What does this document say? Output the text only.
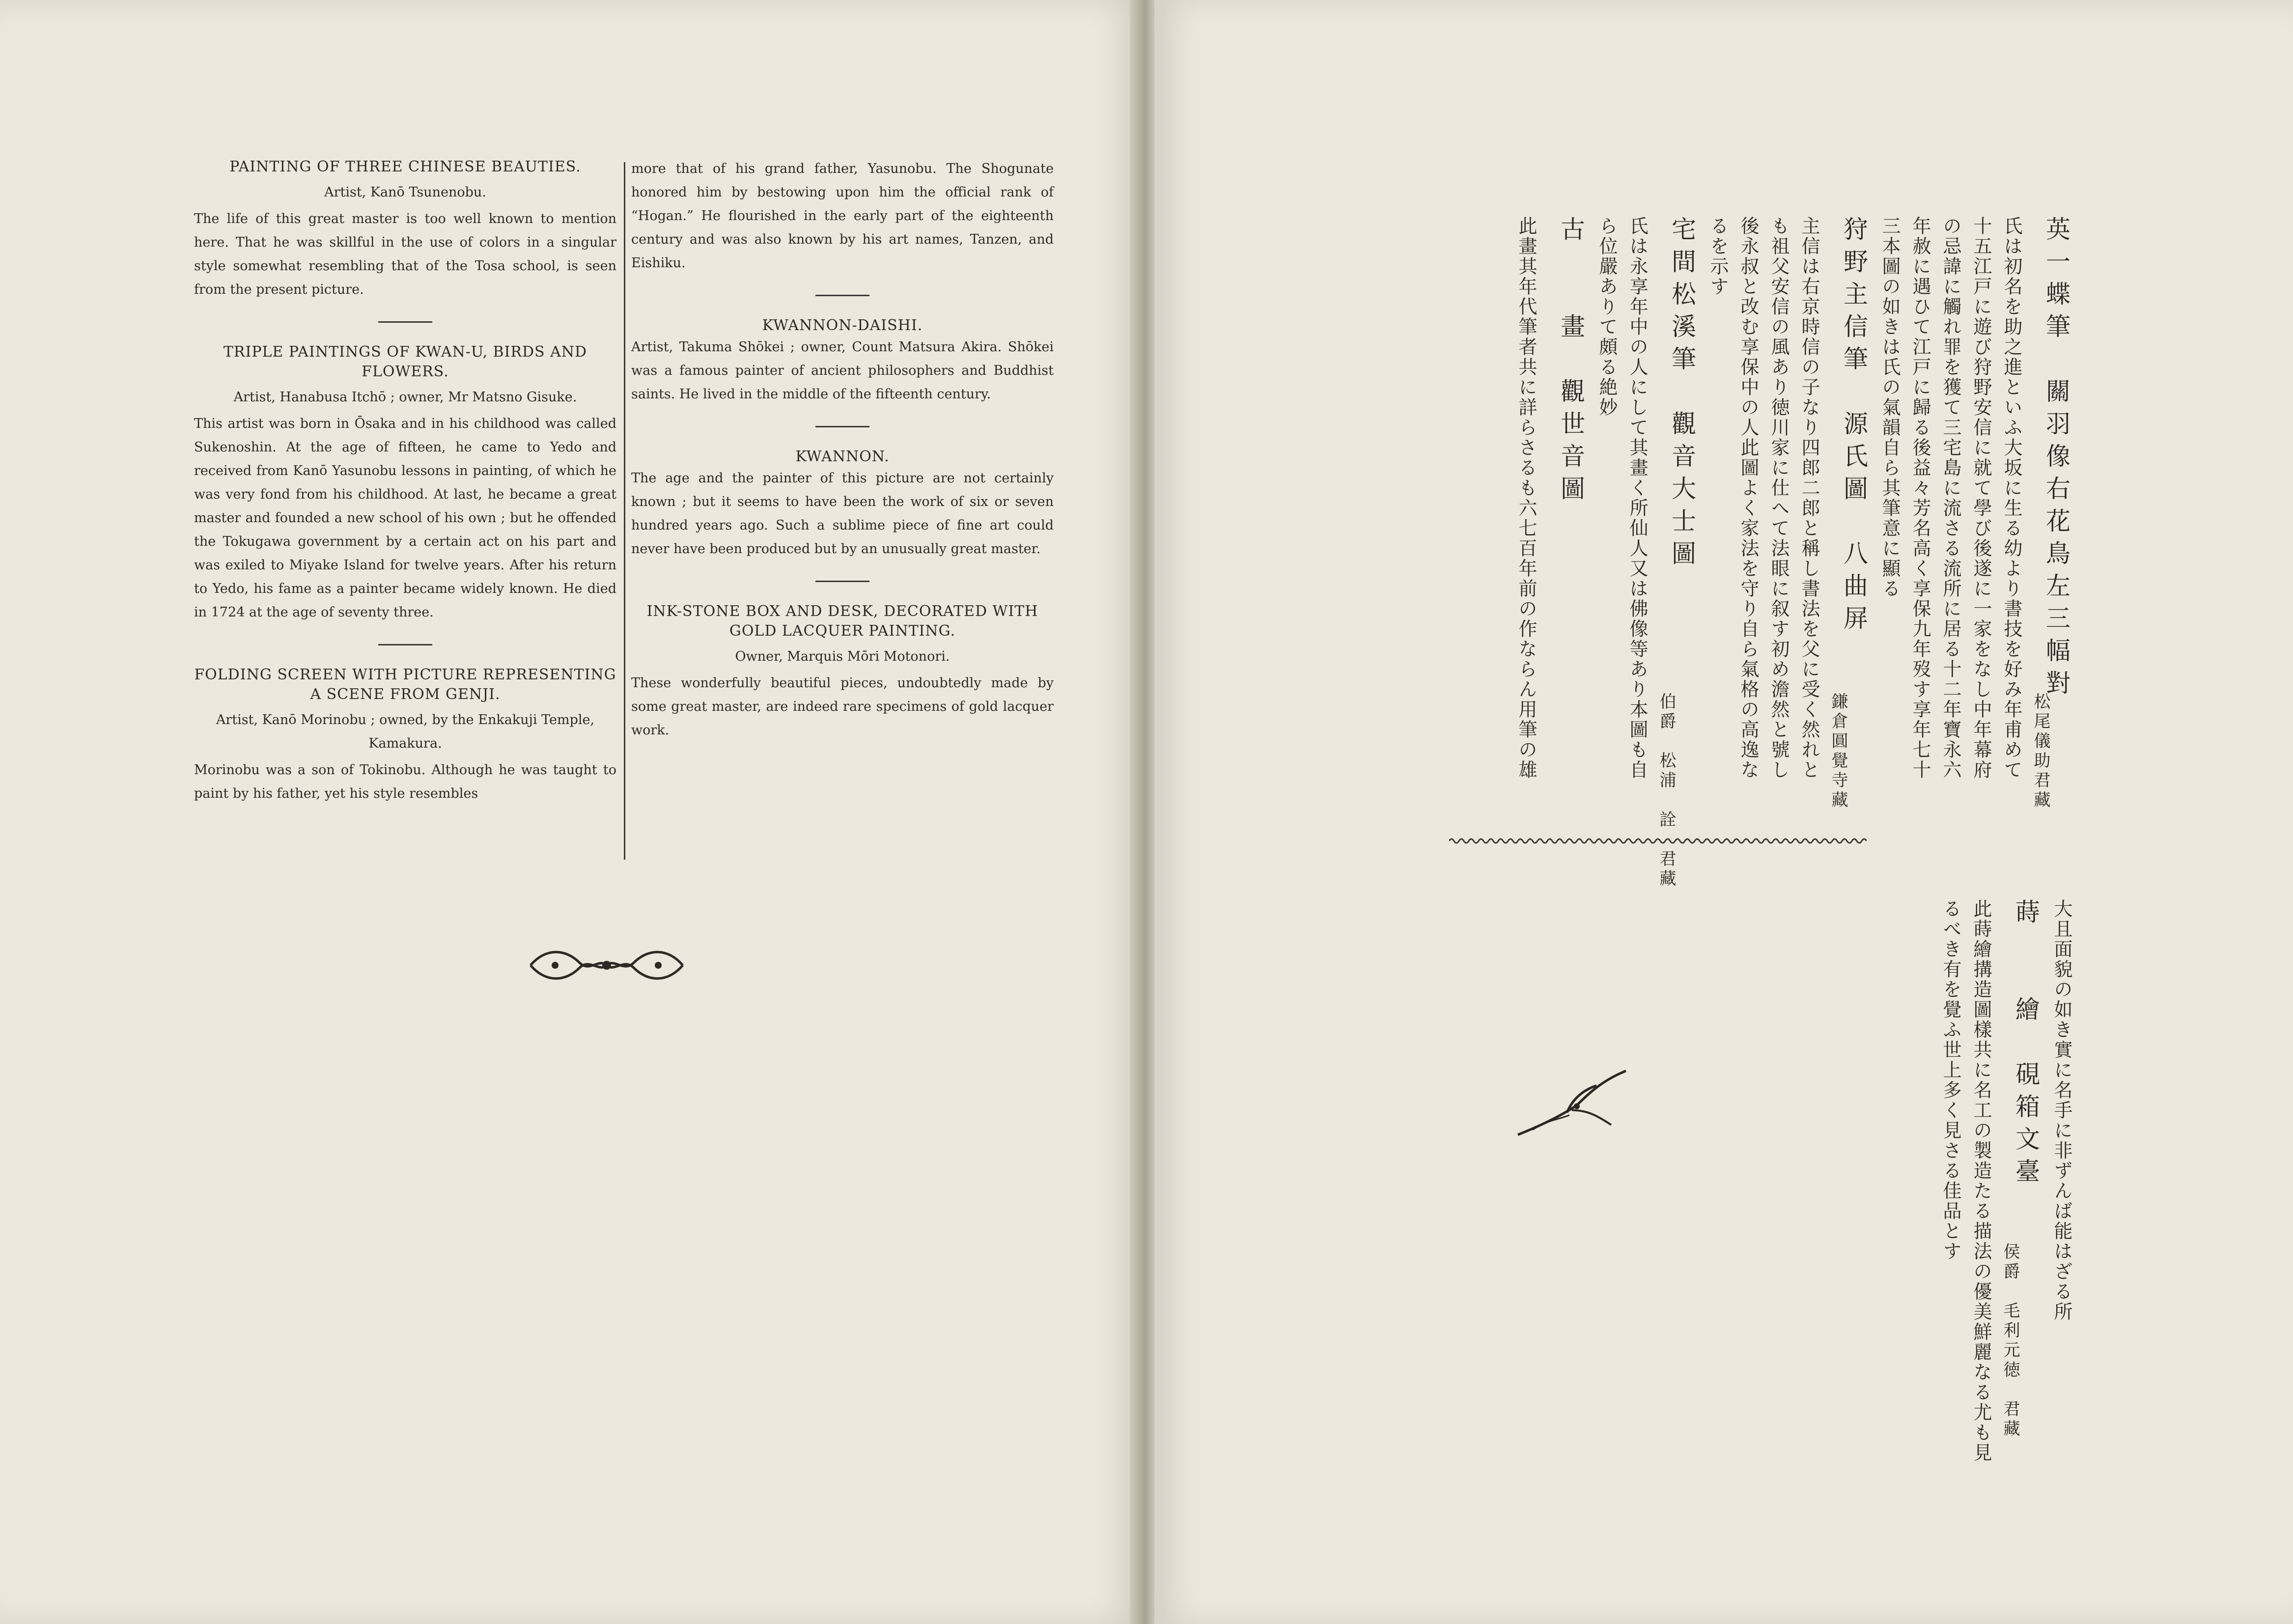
PAINTING OF THREE CHINESE BEAUTIES.

Artist, Kanō Tsunenobu.

The life of this great master is too well known to mention here. That he was skillful in the use of colors in a singular style somewhat resembling that of the Tosa school, is seen from the present picture.

TRIPLE PAINTINGS OF KWAN-U, BIRDS AND FLOWERS.

Artist, Hanabusa Itchō ; owner, Mr Matsno Gisuke.

This artist was born in Ōsaka and in his childhood was called Sukenoshin. At the age of fifteen, he came to Yedo and received from Kanō Yasunobu lessons in painting, of which he was very fond from his childhood. At last, he became a great master and founded a new school of his own ; but he offended the Tokugawa government by a certain act on his part and was exiled to Miyake Island for twelve years. After his return to Yedo, his fame as a painter became widely known. He died in 1724 at the age of seventy three.

FOLDING SCREEN WITH PICTURE REPRESENTING A SCENE FROM GENJI.

Artist, Kanō Morinobu ; owned, by the Enkakuji Temple, Kamakura.

Morinobu was a son of Tokinobu. Although he was taught to paint by his father, yet his style resembles

more that of his grand father, Yasunobu. The Shogunate honored him by bestowing upon him the official rank of “Hogan.” He flourished in the early part of the eighteenth century and was also known by his art names, Tanzen, and Eishiku.

KWANNON-DAISHI.

Artist, Takuma Shōkei ; owner, Count Matsura Akira. Shōkei was a famous painter of ancient philosophers and Buddhist saints. He lived in the middle of the fifteenth century.

KWANNON.

The age and the painter of this picture are not certainly known ; but it seems to have been the work of six or seven hundred years ago. Such a sublime piece of fine art could never have been produced but by an unusually great master.

INK-STONE BOX AND DESK, DECORATED WITH GOLD LACQUER PAINTING.

Owner, Marquis Mōri Motonori.

These wonderfully beautiful pieces, undoubtedly made by some great master, are indeed rare specimens of gold lacquer work.

英一蝶筆　關羽像右花鳥左三幅對
松尾儀助君藏
氏は初名を助之進といふ大坂に生る幼より書技を好み年甫めて
十五江戸に遊び狩野安信に就て學び後遂に一家をなし中年幕府
の忌諱に觸れ罪を獲て三宅島に流さる流所に居る十二年寶永六
年赦に遇ひて江戸に歸る後益々芳名高く享保九年歿す享年七十
三本圖の如きは氏の氣韻自ら其筆意に顯る
狩野主信筆　源氏圖　八曲屏
鎌倉圓覺寺藏
主信は右京時信の子なり四郎二郎と稱し書法を父に受く然れと
も祖父安信の風あり徳川家に仕へて法眼に叙す初め澹然と號し
後永叔と改む享保中の人此圖よく家法を守り自ら氣格の高逸な
るを示す
宅間松溪筆　觀音大士圖
伯爵　松浦　詮　君藏
氏は永享年中の人にして其畫く所仙人又は佛像等あり本圖も自
ら位嚴ありて頗る絶妙
古　　畫　觀世音圖
此畫其年代筆者共に詳らさるも六七百年前の作ならん用筆の雄
大且面貌の如き實に名手に非ずんば能はざる所
蒔　　繪　硯箱文臺
侯爵　毛利元徳　君藏
此蒔繪搆造圖樣共に名工の製造たる描法の優美鮮麗なる尤も見
るべき有を覺ふ世上多く見さる佳品とす
